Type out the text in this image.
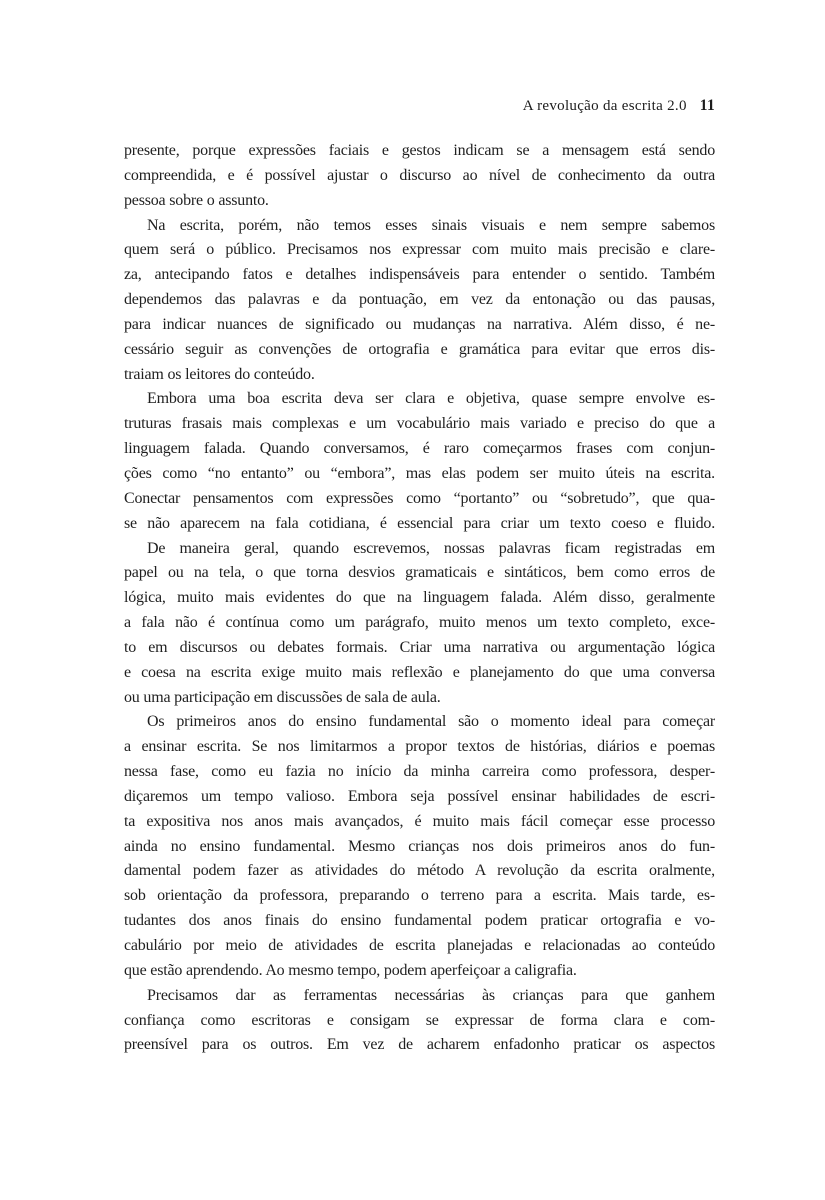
A revolução da escrita 2.0 11
presente, porque expressões faciais e gestos indicam se a mensagem está sendo
compreendida, e é possível ajustar o discurso ao nível de conhecimento da outra
pessoa sobre o assunto.
Na escrita, porém, não temos esses sinais visuais e nem sempre sabemos
quem será o público. Precisamos nos expressar com muito mais precisão e clare-
za, antecipando fatos e detalhes indispensáveis para entender o sentido. Também
dependemos das palavras e da pontuação, em vez da entonação ou das pausas,
para indicar nuances de significado ou mudanças na narrativa. Além disso, é ne-
cessário seguir as convenções de ortografia e gramática para evitar que erros dis-
traiam os leitores do conteúdo.
Embora uma boa escrita deva ser clara e objetiva, quase sempre envolve es-
truturas frasais mais complexas e um vocabulário mais variado e preciso do que a
linguagem falada. Quando conversamos, é raro começarmos frases com conjun-
ções como “no entanto” ou “embora”, mas elas podem ser muito úteis na escrita.
Conectar pensamentos com expressões como “portanto” ou “sobretudo”, que qua-
se não aparecem na fala cotidiana, é essencial para criar um texto coeso e fluido.
De maneira geral, quando escrevemos, nossas palavras ficam registradas em
papel ou na tela, o que torna desvios gramaticais e sintáticos, bem como erros de
lógica, muito mais evidentes do que na linguagem falada. Além disso, geralmente
a fala não é contínua como um parágrafo, muito menos um texto completo, exce-
to em discursos ou debates formais. Criar uma narrativa ou argumentação lógica
e coesa na escrita exige muito mais reflexão e planejamento do que uma conversa
ou uma participação em discussões de sala de aula.
Os primeiros anos do ensino fundamental são o momento ideal para começar
a ensinar escrita. Se nos limitarmos a propor textos de histórias, diários e poemas
nessa fase, como eu fazia no início da minha carreira como professora, desper-
diçaremos um tempo valioso. Embora seja possível ensinar habilidades de escri-
ta expositiva nos anos mais avançados, é muito mais fácil começar esse processo
ainda no ensino fundamental. Mesmo crianças nos dois primeiros anos do fun-
damental podem fazer as atividades do método A revolução da escrita oralmente,
sob orientação da professora, preparando o terreno para a escrita. Mais tarde, es-
tudantes dos anos finais do ensino fundamental podem praticar ortografia e vo-
cabulário por meio de atividades de escrita planejadas e relacionadas ao conteúdo
que estão aprendendo. Ao mesmo tempo, podem aperfeiçoar a caligrafia.
Precisamos dar as ferramentas necessárias às crianças para que ganhem
confiança como escritoras e consigam se expressar de forma clara e com-
preensível para os outros. Em vez de acharem enfadonho praticar os aspectos
